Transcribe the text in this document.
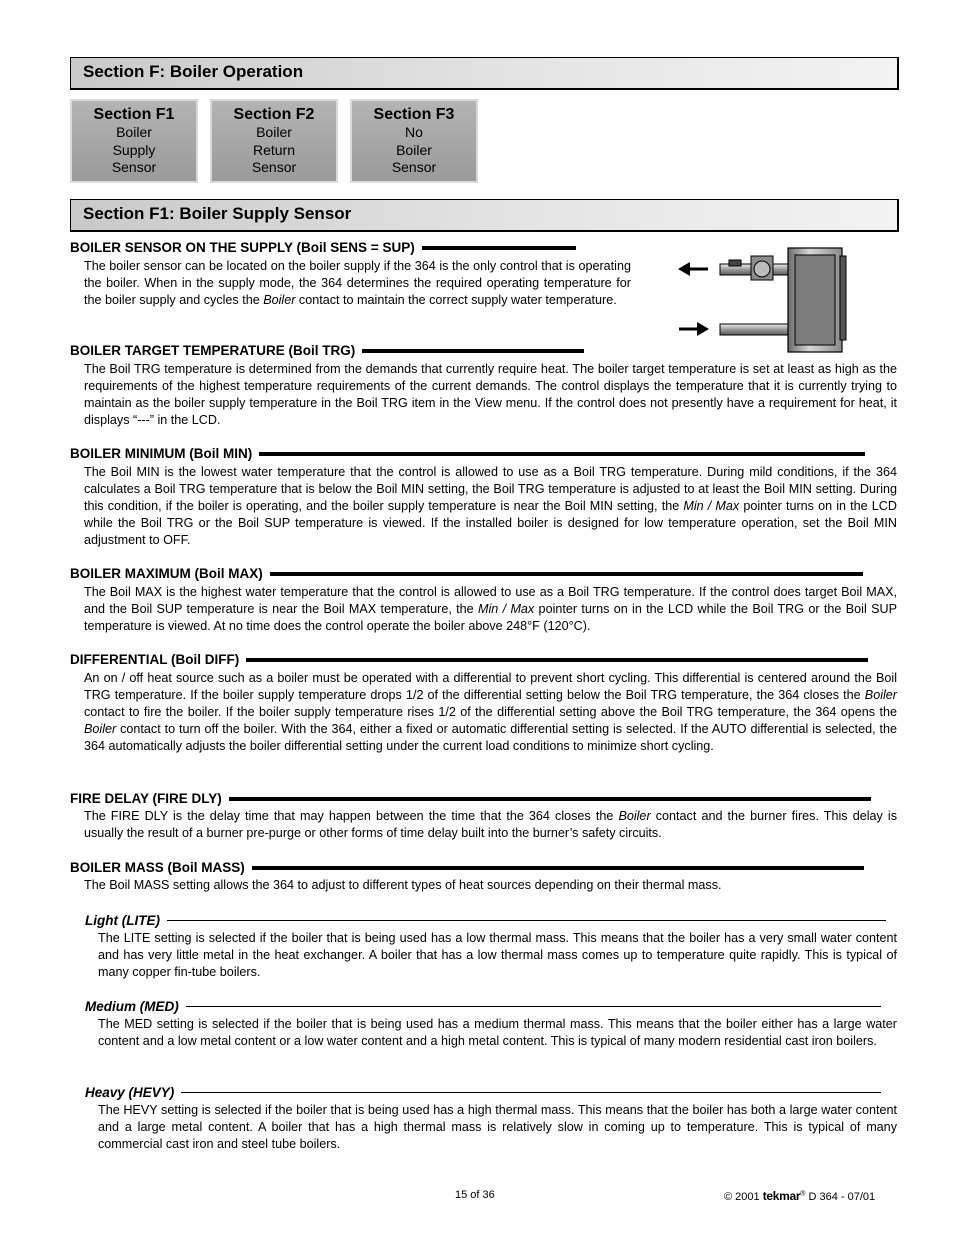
Section F: Boiler Operation
Section F1
Boiler
Supply
Sensor
Section F2
Boiler
Return
Sensor
Section F3
No
Boiler
Sensor
Section F1: Boiler Supply Sensor
BOILER SENSOR ON THE SUPPLY (Boil SENS = SUP)
The boiler sensor can be located on the boiler supply if the 364 is the only control that is operating the boiler. When in the supply mode, the 364 determines the required operating temperature for the boiler supply and cycles the Boiler contact to maintain the correct supply water temperature.
BOILER TARGET TEMPERATURE (Boil TRG)
The Boil TRG temperature is determined from the demands that currently require heat. The boiler target temperature is set at least as high as the requirements of the highest temperature requirements of the current demands. The control displays the temperature that it is currently trying to maintain as the boiler supply temperature in the Boil TRG item in the View menu. If the control does not presently have a requirement for heat, it displays “---” in the LCD.
BOILER MINIMUM (Boil MIN)
The Boil MIN is the lowest water temperature that the control is allowed to use as a Boil TRG temperature. During mild conditions, if the 364 calculates a Boil TRG temperature that is below the Boil MIN setting, the Boil TRG temperature is adjusted to at least the Boil MIN setting. During this condition, if the boiler is operating, and the boiler supply temperature is near the Boil MIN setting, the Min / Max pointer turns on in the LCD while the Boil TRG or the Boil SUP temperature is viewed. If the installed boiler is designed for low temperature operation, set the Boil MIN adjustment to OFF.
BOILER MAXIMUM (Boil MAX)
The Boil MAX is the highest water temperature that the control is allowed to use as a Boil TRG temperature. If the control does target Boil MAX, and the Boil SUP temperature is near the Boil MAX temperature, the Min / Max pointer turns on in the LCD while the Boil TRG or the Boil SUP temperature is viewed. At no time does the control operate the boiler above 248°F (120°C).
DIFFERENTIAL (Boil DIFF)
An on / off heat source such as a boiler must be operated with a differential to prevent short cycling. This differential is centered around the Boil TRG temperature. If the boiler supply temperature drops 1/2 of the differential setting below the Boil TRG temperature, the 364 closes the Boiler contact to fire the boiler. If the boiler supply temperature rises 1/2 of the differential setting above the Boil TRG temperature, the 364 opens the Boiler contact to turn off the boiler. With the 364, either a fixed or automatic differential setting is selected. If the AUTO differential is selected, the 364 automatically adjusts the boiler differential setting under the current load conditions to minimize short cycling.
FIRE DELAY (FIRE DLY)
The FIRE DLY is the delay time that may happen between the time that the 364 closes the Boiler contact and the burner fires. This delay is usually the result of a burner pre-purge or other forms of time delay built into the burner’s safety circuits.
BOILER MASS (Boil MASS)
The Boil MASS setting allows the 364 to adjust to different types of heat sources depending on their thermal mass.
Light (LITE)
The LITE setting is selected if the boiler that is being used has a low thermal mass. This means that the boiler has a very small water content and has very little metal in the heat exchanger. A boiler that has a low thermal mass comes up to temperature quite rapidly. This is typical of many copper fin-tube boilers.
Medium (MED)
The MED setting is selected if the boiler that is being used has a medium thermal mass. This means that the boiler either has a large water content and a low metal content or a low water content and a high metal content. This is typical of many modern residential cast iron boilers.
Heavy (HEVY)
The HEVY setting is selected if the boiler that is being used has a high thermal mass. This means that the boiler has both a large water content and a large metal content. A boiler that has a high thermal mass is relatively slow in coming up to temperature. This is typical of many commercial cast iron and steel tube boilers.
15 of 36	© 2001 tekmar® D 364 - 07/01
